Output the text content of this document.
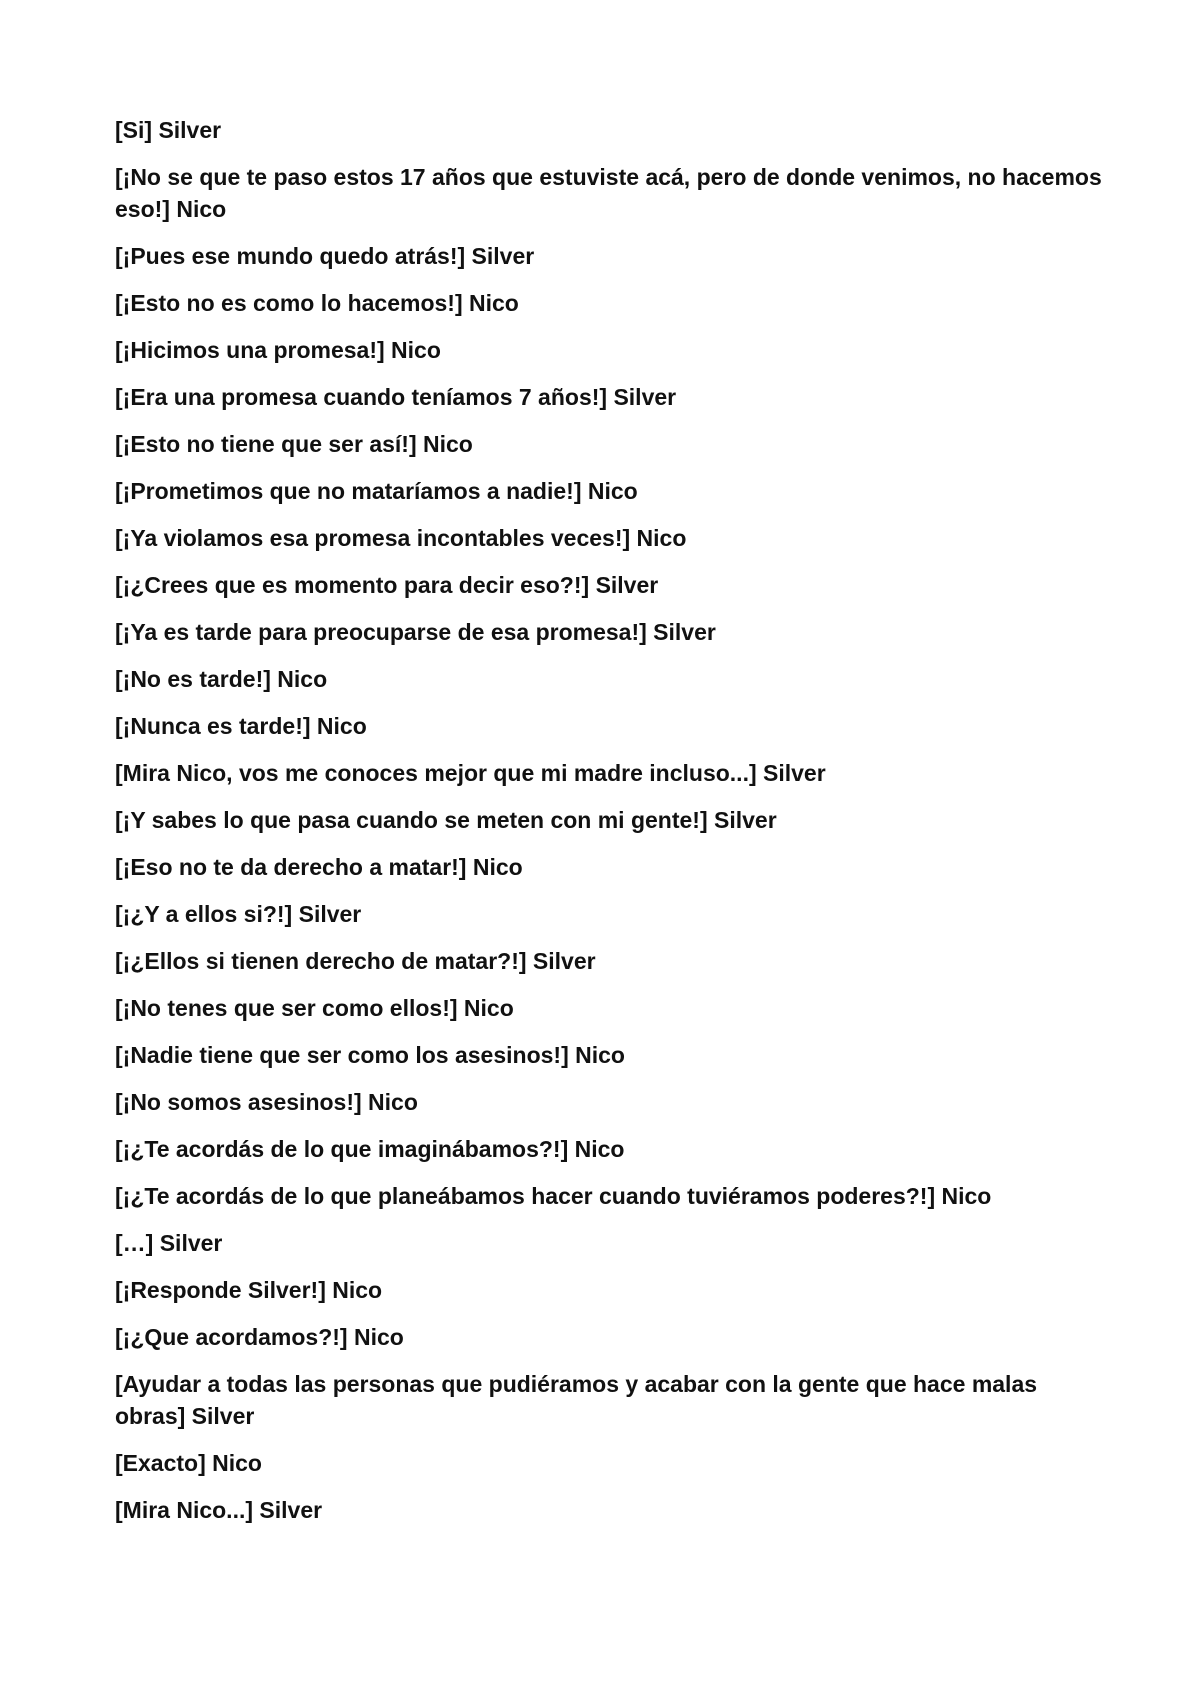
[Si] Silver
[¡No se que te paso estos 17 años que estuviste acá, pero de donde venimos, no hacemos eso!] Nico
[¡Pues ese mundo quedo atrás!] Silver
[¡Esto no es como lo hacemos!] Nico
[¡Hicimos una promesa!] Nico
[¡Era una promesa cuando teníamos 7 años!] Silver
[¡Esto no tiene que ser así!] Nico
[¡Prometimos que no mataríamos a nadie!] Nico
[¡Ya violamos esa promesa incontables veces!] Nico
[¡¿Crees que es momento para decir eso?!] Silver
[¡Ya es tarde para preocuparse de esa promesa!] Silver
[¡No es tarde!] Nico
[¡Nunca es tarde!] Nico
[Mira Nico, vos me conoces mejor que mi madre incluso...] Silver
[¡Y sabes lo que pasa cuando se meten con mi gente!] Silver
[¡Eso no te da derecho a matar!] Nico
[¡¿Y a ellos si?!] Silver
[¡¿Ellos si tienen derecho de matar?!] Silver
[¡No tenes que ser como ellos!] Nico
[¡Nadie tiene que ser como los asesinos!] Nico
[¡No somos asesinos!] Nico
[¡¿Te acordás de lo que imaginábamos?!] Nico
[¡¿Te acordás de lo que planeábamos hacer cuando tuviéramos poderes?!] Nico
[…] Silver
[¡Responde Silver!] Nico
[¡¿Que acordamos?!] Nico
[Ayudar a todas las personas que pudiéramos y acabar con la gente que hace malas obras] Silver
[Exacto] Nico
[Mira Nico...] Silver
